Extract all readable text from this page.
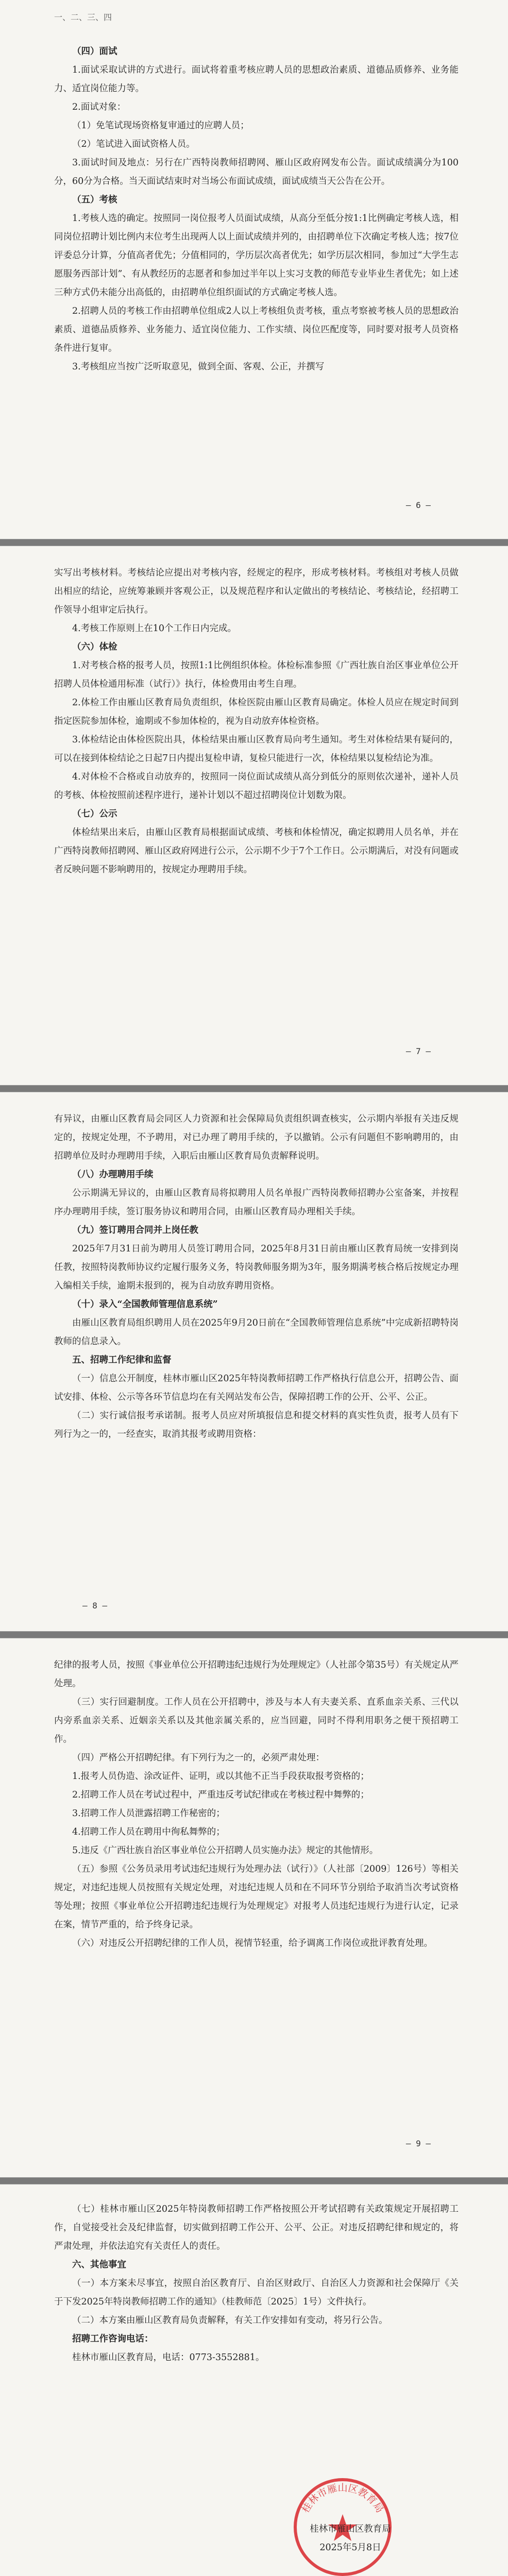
一、二、三、四

（四）面试

1.面试采取试讲的方式进行。面试将着重考核应聘人员的思想政治素质、道德品质修养、业务能力、适宜岗位能力等。

2.面试对象：

（1）免笔试现场资格复审通过的应聘人员；

（2）笔试进入面试资格人员。

3.面试时间及地点：另行在广西特岗教师招聘网、雁山区政府网发布公告。面试成绩满分为100分，60分为合格。当天面试结束时对当场公布面试成绩，面试成绩当天公告在公开。

（五）考核

1.考核人选的确定。按照同一岗位报考人员面试成绩，从高分至低分按1:1比例确定考核人选，相同岗位招聘计划比例内末位考生出现两人以上面试成绩并列的，由招聘单位下次确定考核人选；按7位评委总分计算，分值高者优先；分值相同的，学历层次高者优先；如学历层次相同，参加过“大学生志愿服务西部计划”、有从教经历的志愿者和参加过半年以上实习支教的师范专业毕业生者优先；如上述三种方式仍未能分出高低的，由招聘单位组织面试的方式确定考核人选。

2.招聘人员的考核工作由招聘单位组成2人以上考核组负责考核，重点考察被考核人员的思想政治素质、道德品质修养、业务能力、适宜岗位能力、工作实绩、岗位匹配度等，同时要对报考人员资格条件进行复审。

3.考核组应当按广泛听取意见，做到全面、客观、公正，并撰写

— 6 —

实写出考核材料。考核结论应提出对考核内容，经规定的程序，形成考核材料。考核组对考核人员做出相应的结论，应统筹兼顾并客观公正，以及规范程序和认定做出的考核结论、考核结论，经招聘工作领导小组审定后执行。

4.考核工作原则上在10个工作日内完成。

（六）体检

1.对考核合格的报考人员，按照1:1比例组织体检。体检标准参照《广西壮族自治区事业单位公开招聘人员体检通用标准（试行）》执行，体检费用由考生自理。

2.体检工作由雁山区教育局负责组织，体检医院由雁山区教育局确定。体检人员应在规定时间到指定医院参加体检，逾期或不参加体检的，视为自动放弃体检资格。

3.体检结论由体检医院出具，体检结果由雁山区教育局向考生通知。考生对体检结果有疑问的，可以在接到体检结论之日起7日内提出复检申请，复检只能进行一次，体检结果以复检结论为准。

4.对体检不合格或自动放弃的，按照同一岗位面试成绩从高分到低分的原则依次递补，递补人员的考核、体检按照前述程序进行，递补计划以不超过招聘岗位计划数为限。

（七）公示

体检结果出来后，由雁山区教育局根据面试成绩、考核和体检情况，确定拟聘用人员名单，并在广西特岗教师招聘网、雁山区政府网进行公示，公示期不少于7个工作日。公示期满后，对没有问题或者反映问题不影响聘用的，按规定办理聘用手续。

— 7 —

有异议，由雁山区教育局会同区人力资源和社会保障局负责组织调查核实，公示期内举报有关违反规定的，按规定处理，不予聘用，对已办理了聘用手续的，予以撤销。公示有问题但不影响聘用的，由招聘单位及时办理聘用手续，入职后由雁山区教育局负责解释说明。

（八）办理聘用手续

公示期满无异议的，由雁山区教育局将拟聘用人员名单报广西特岗教师招聘办公室备案，并按程序办理聘用手续，签订服务协议和聘用合同，由雁山区教育局办理相关手续。

（九）签订聘用合同并上岗任教

2025年7月31日前为聘用人员签订聘用合同，2025年8月31日前由雁山区教育局统一安排到岗任教，按照特岗教师协议约定履行服务义务，特岗教师服务期为3年，服务期满考核合格后按规定办理入编相关手续，逾期未报到的，视为自动放弃聘用资格。

（十）录入“全国教师管理信息系统”

由雁山区教育局组织聘用人员在2025年9月20日前在“全国教师管理信息系统”中完成新招聘特岗教师的信息录入。

五、招聘工作纪律和监督

（一）信息公开制度，桂林市雁山区2025年特岗教师招聘工作严格执行信息公开，招聘公告、面试安排、体检、公示等各环节信息均在有关网站发布公告，保障招聘工作的公开、公平、公正。

（二）实行诚信报考承诺制。报考人员应对所填报信息和提交材料的真实性负责，报考人员有下列行为之一的，一经查实，取消其报考或聘用资格：

— 8 —

纪律的报考人员，按照《事业单位公开招聘违纪违规行为处理规定》（人社部令第35号）有关规定从严处理。

（三）实行回避制度。工作人员在公开招聘中，涉及与本人有夫妻关系、直系血亲关系、三代以内旁系血亲关系、近姻亲关系以及其他亲属关系的，应当回避，同时不得利用职务之便干预招聘工作。

（四）严格公开招聘纪律。有下列行为之一的，必须严肃处理：

1.报考人员伪造、涂改证件、证明，或以其他不正当手段获取报考资格的；

2.招聘工作人员在考试过程中，严重违反考试纪律或在考核过程中舞弊的；

3.招聘工作人员泄露招聘工作秘密的；

4.招聘工作人员在聘用中徇私舞弊的；

5.违反《广西壮族自治区事业单位公开招聘人员实施办法》规定的其他情形。

（五）参照《公务员录用考试违纪违规行为处理办法（试行）》（人社部〔2009〕126号）等相关规定，对违纪违规人员按照有关规定处理，对违纪违规人员和在不同环节分别给予取消当次考试资格等处理；按照《事业单位公开招聘违纪违规行为处理规定》对报考人员违纪违规行为进行认定，记录在案，情节严重的，给予终身记录。

（六）对违反公开招聘纪律的工作人员，视情节轻重，给予调离工作岗位或批评教育处理。

— 9 —

（七）桂林市雁山区2025年特岗教师招聘工作严格按照公开考试招聘有关政策规定开展招聘工作，自觉接受社会及纪律监督，切实做到招聘工作公开、公平、公正。对违反招聘纪律和规定的，将严肃处理，并依法追究有关责任人的责任。

六、其他事宜

（一）本方案未尽事宜，按照自治区教育厅、自治区财政厅、自治区人力资源和社会保障厅《关于下发2025年特岗教师招聘工作的通知》（桂教师范〔2025〕1号）文件执行。

（二）本方案由雁山区教育局负责解释，有关工作安排如有变动，将另行公告。

招聘工作咨询电话：

桂林市雁山区教育局，电话：0773-3552881。

桂林市雁山区教育局
桂林市雁山区教育局
2025年5月8日
